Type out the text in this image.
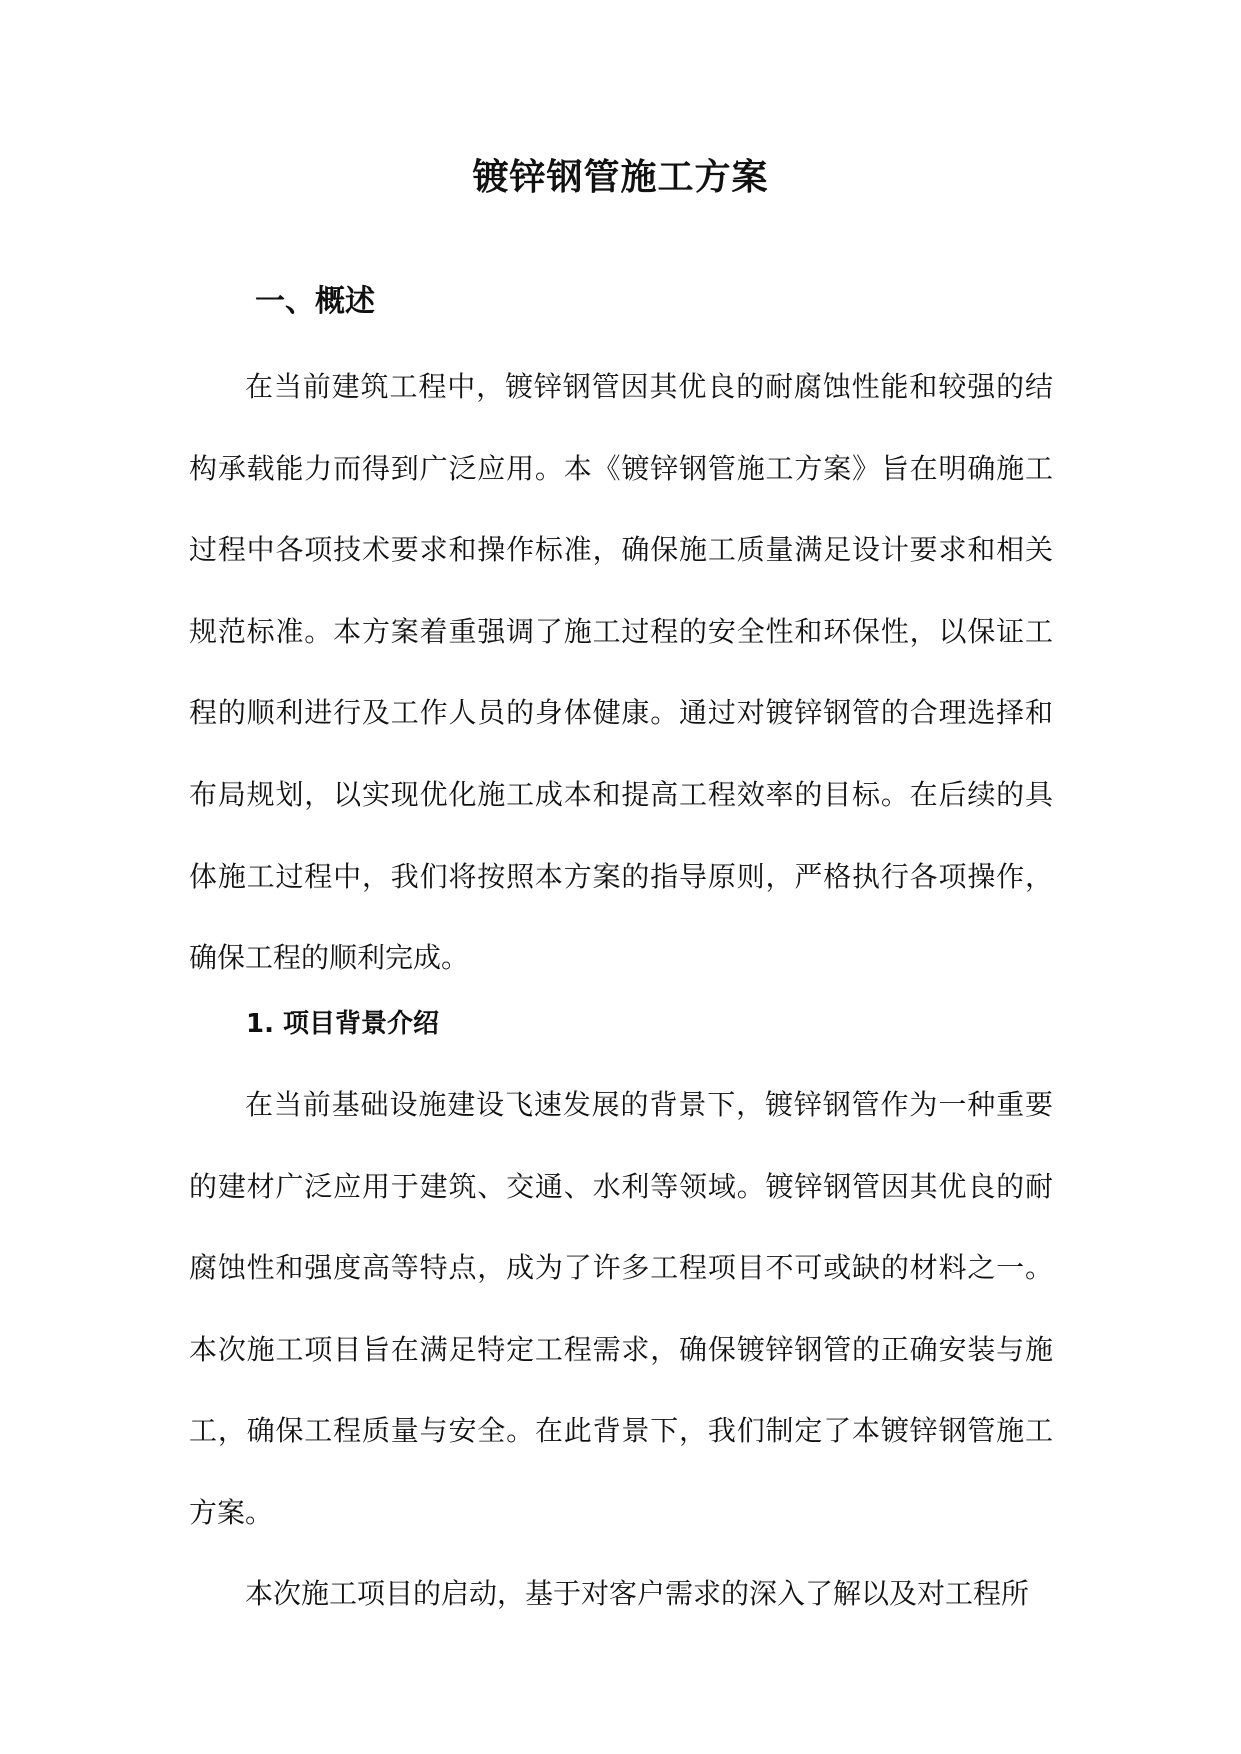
镀锌钢管施工方案
一、概述

在当前建筑工程中，镀锌钢管因其优良的耐腐蚀性能和较强的结构承载能力而得到广泛应用。本《镀锌钢管施工方案》旨在明确施工过程中各项技术要求和操作标准，确保施工质量满足设计要求和相关规范标准。本方案着重强调了施工过程的安全性和环保性，以保证工程的顺利进行及工作人员的身体健康。通过对镀锌钢管的合理选择和布局规划，以实现优化施工成本和提高工程效率的目标。在后续的具体施工过程中，我们将按照本方案的指导原则，严格执行各项操作，确保工程的顺利完成。

1. 项目背景介绍

在当前基础设施建设飞速发展的背景下，镀锌钢管作为一种重要的建材广泛应用于建筑、交通、水利等领域。镀锌钢管因其优良的耐腐蚀性和强度高等特点，成为了许多工程项目不可或缺的材料之一。本次施工项目旨在满足特定工程需求，确保镀锌钢管的正确安装与施工，确保工程质量与安全。在此背景下，我们制定了本镀锌钢管施工方案。

本次施工项目的启动，基于对客户需求的深入了解以及对工程所
